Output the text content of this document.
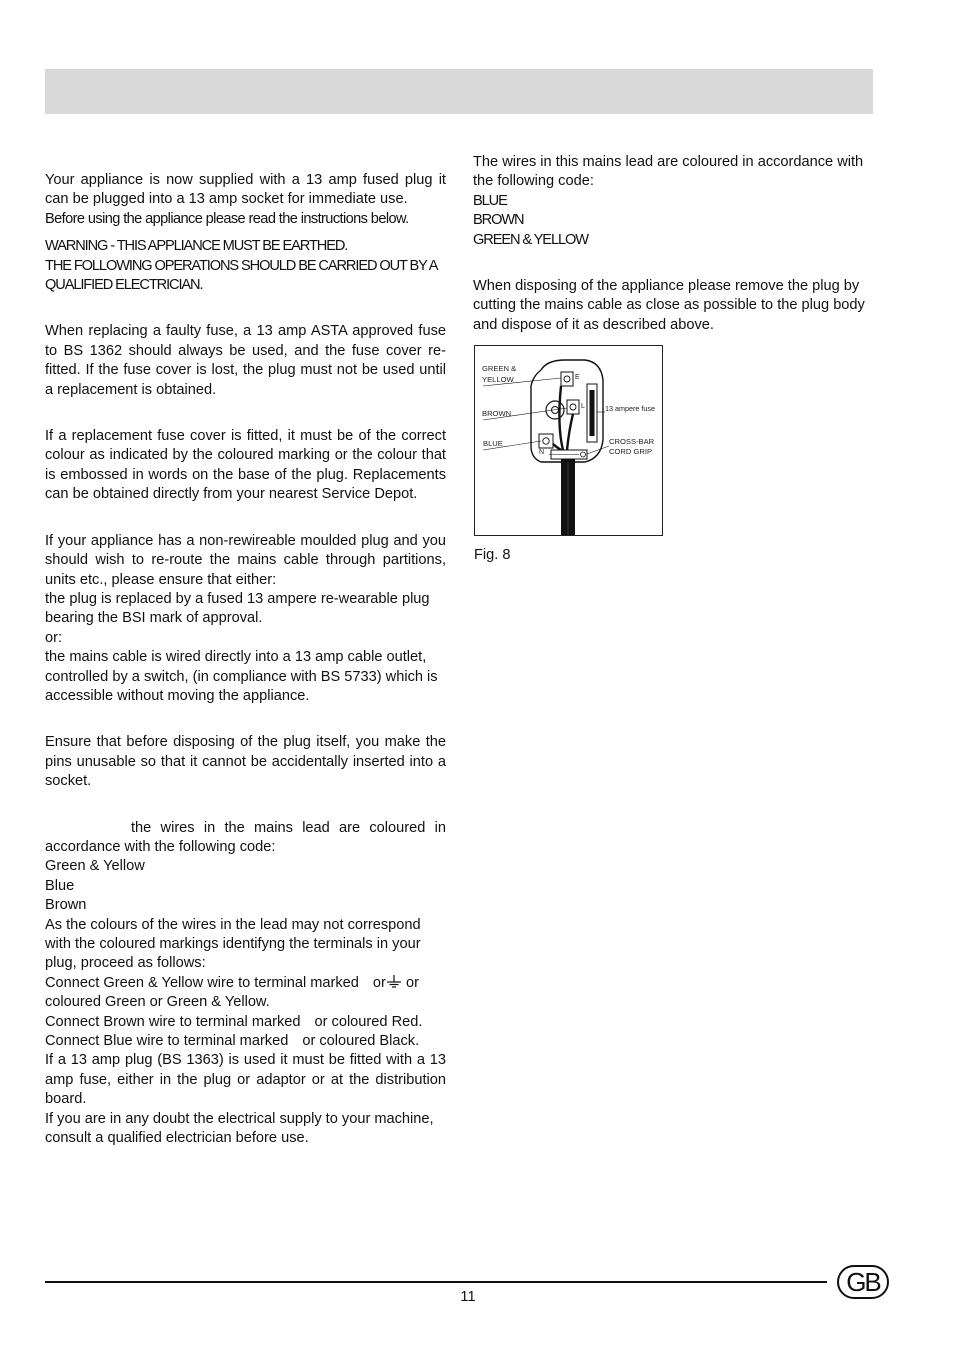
Your appliance is now supplied with a 13 amp fused plug it can be plugged into a 13 amp socket for immediate use.

Before using the appliance please read the instructions below.

WARNING - THIS APPLIANCE MUST BE EARTHED.

THE FOLLOWING OPERATIONS SHOULD BE CARRIED OUT BY A QUALIFIED ELECTRICIAN.

When replacing a faulty fuse, a 13 amp ASTA approved fuse to BS 1362 should always be used, and the fuse cover re-fitted. If the fuse cover is lost, the plug must not be used until a replacement is obtained.

If a replacement fuse cover is fitted, it must be of the correct colour as indicated by the coloured marking or the colour that is embossed in words on the base of the plug. Replacements can be obtained directly from your nearest Service Depot.

If your appliance has a non-rewireable moulded plug and you should wish to re-route the mains cable through partitions, units etc., please ensure that either:

the plug is replaced by a fused 13 ampere re-wearable plug bearing the BSI mark of approval.

or:

the mains cable is wired directly into a 13 amp cable outlet, controlled by a switch, (in compliance with BS 5733) which is accessible without moving the appliance.

Ensure that before disposing of the plug itself, you make the pins unusable so that it cannot be accidentally inserted into a socket.

the wires in the mains lead are coloured in accordance with the following code:

Green & Yellow

Blue

Brown

As the colours of the wires in the lead may not correspond with the coloured markings identifyng the terminals in your plug, proceed as follows:

Connect Green & Yellow wire to terminal marked or or coloured Green or Green & Yellow.

Connect Brown wire to terminal marked or coloured Red.

Connect Blue wire to terminal marked or coloured Black.

If a 13 amp plug (BS 1363) is used it must be fitted with a 13 amp fuse, either in the plug or adaptor or at the distribution board.

If you are in any doubt the electrical supply to your machine, consult a qualified electrician before use.

The wires in this mains lead are coloured in accordance with the following code:

BLUE

BROWN

GREEN & YELLOW

When disposing of the appliance please remove the plug by cutting the mains cable as close as possible to the plug body and dispose of it as described above.

GREEN &
YELLOW
BROWN
BLUE
13 ampere fuse
CROSS-BAR
CORD GRIP
E
L
N
Fig. 8
11	GB
